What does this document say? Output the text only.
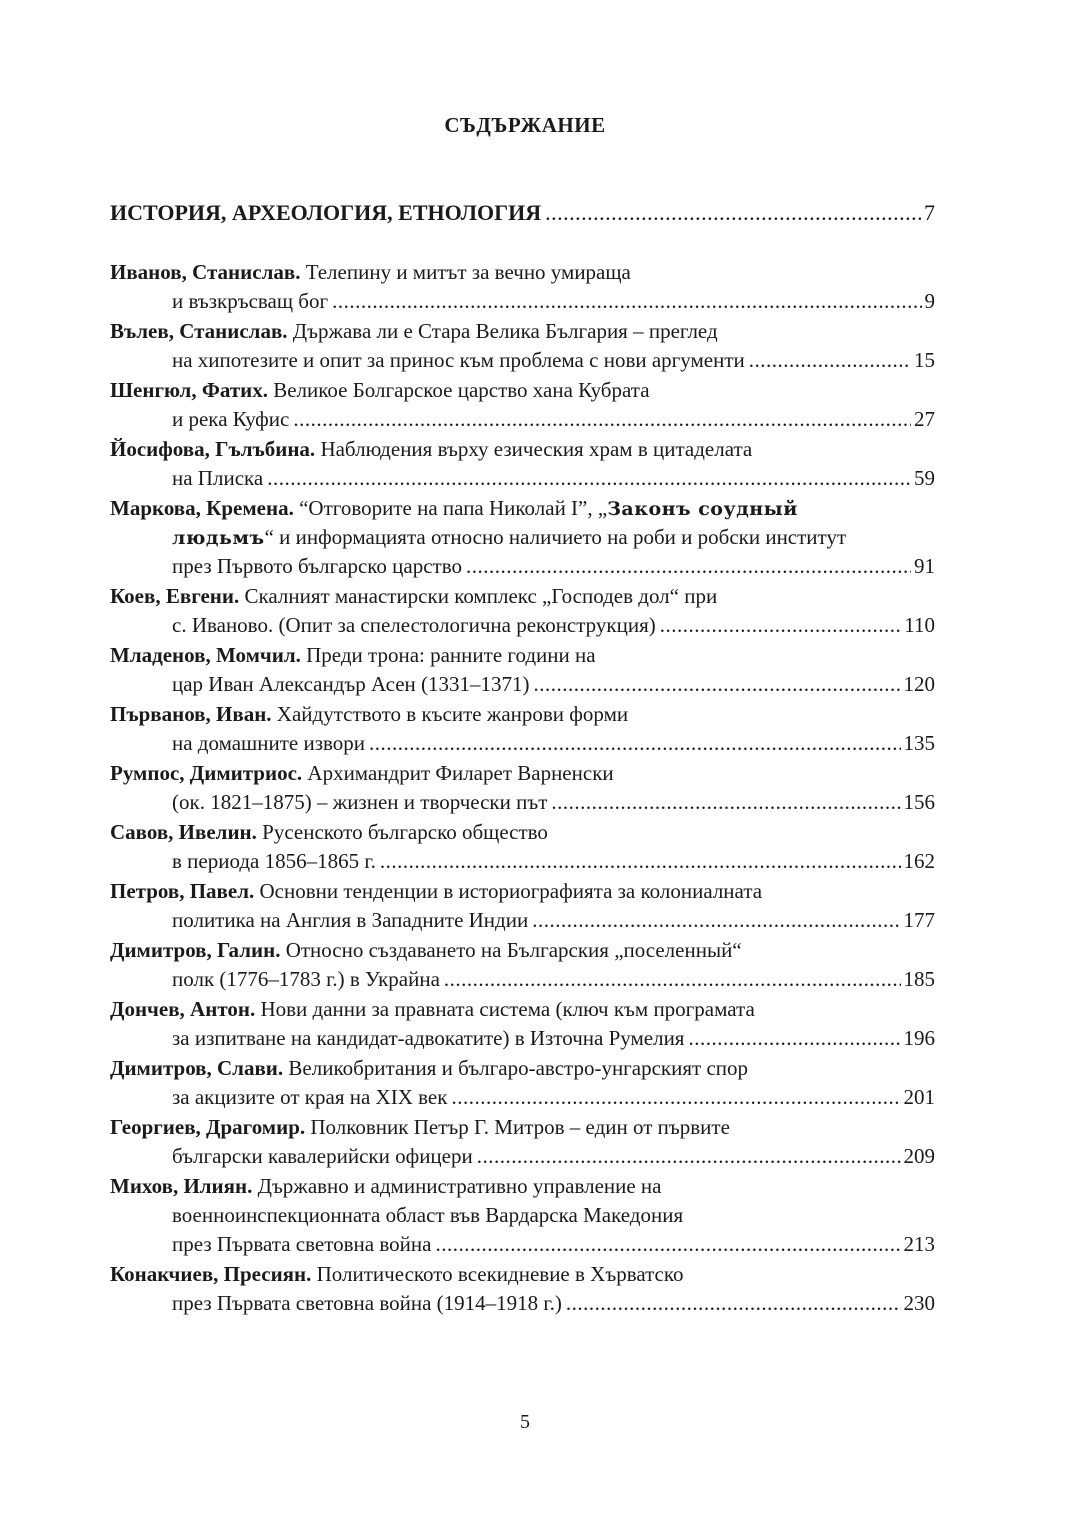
СЪДЪРЖАНИЕ
ИСТОРИЯ, АРХЕОЛОГИЯ, ЕТНОЛОГИЯ .....	7
Иванов, Станислав. Телепину и митът за вечно умираща
и възкръсващ бог .....	9
Вълев, Станислав. Държава ли е Стара Велика България – преглед
на хипотезите и опит за принос към проблема с нови аргументи .....	15
Шенгюл, Фатих. Великое Болгарское царство хана Кубрата
и река Куфис .....	27
Йосифова, Гълъбина. Наблюдения върху езическия храм в цитаделата
на Плиска .....	59
Маркова, Кремена. “Отговорите на папа Николай I”, „Законъ соудный
людьмъ“ и информацията относно наличието на роби и робски институт
през Първото българско царство .....	91
Коев, Евгени. Скалният манастирски комплекс „Господев дол“ при
с. Иваново. (Опит за спелестологична реконструкция) .....	110
Младенов, Момчил. Преди трона: ранните години на
цар Иван Александър Асен (1331–1371) .....	120
Първанов, Иван. Хайдутството в късите жанрови форми
на домашните извори .....	135
Румпос, Димитриос. Архимандрит Филарет Варненски
(ок. 1821–1875) – жизнен и творчески път .....	156
Савов, Ивелин. Русенското българско общество
в периода 1856–1865 г. .....	162
Петров, Павел. Основни тенденции в историографията за колониалната
политика на Англия в Западните Индии .....	177
Димитров, Галин. Относно създаването на Българския „поселенный“
полк (1776–1783 г.) в Украйна .....	185
Дончев, Антон. Нови данни за правната система (ключ към програмата
за изпитване на кандидат-адвокатите) в Източна Румелия .....	196
Димитров, Слави. Великобритания и българо-австро-унгарският спор
за акцизите от края на XIX век .....	201
Георгиев, Драгомир. Полковник Петър Г. Митров – един от първите
български кавалерийски офицери .....	209
Михов, Илиян. Държавно и административно управление на
военноинспекционната област във Вардарска Македония
през Първата световна война .....	213
Конакчиев, Пресиян. Политическото всекидневие в Хърватско
през Първата световна война (1914–1918 г.) .....	230
5
